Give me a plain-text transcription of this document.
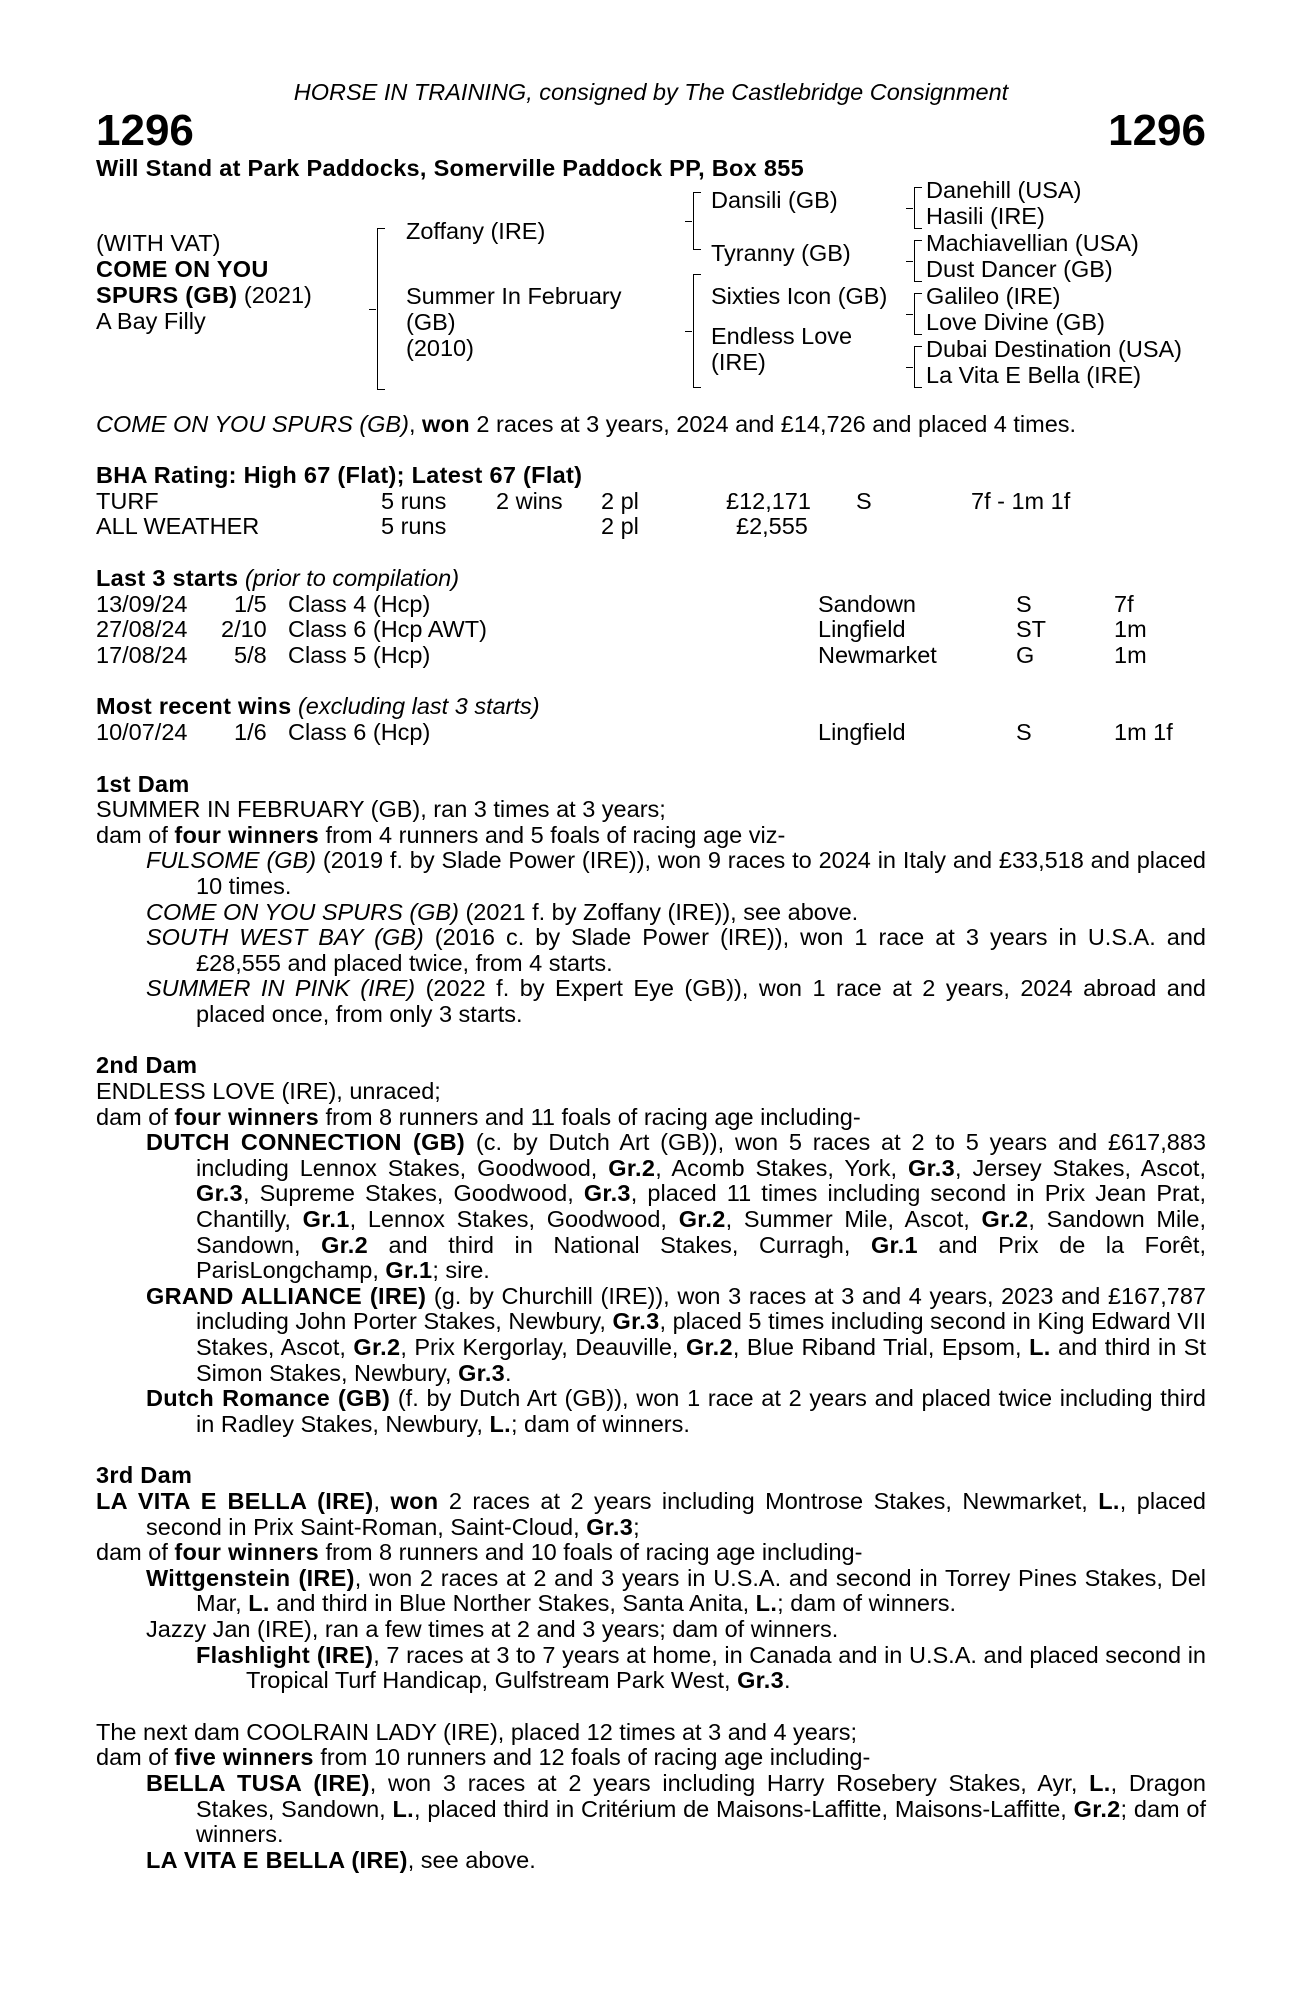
HORSE IN TRAINING, consigned by The Castlebridge Consignment
1296	1296
Will Stand at Park Paddocks, Somerville Paddock PP, Box 855
(WITH VAT)
COME ON YOU
SPURS (GB) (2021)
A Bay Filly
Zoffany (IRE)
Summer In February
(GB)
(2010)
Dansili (GB)
Tyranny (GB)
Sixties Icon (GB)
Endless Love
(IRE)
Danehill (USA)
Hasili (IRE)
Machiavellian (USA)
Dust Dancer (GB)
Galileo (IRE)
Love Divine (GB)
Dubai Destination (USA)
La Vita E Bella (IRE)
COME ON YOU SPURS (GB), won 2 races at 3 years, 2024 and £14,726 and placed 4 times.
BHA Rating: High 67 (Flat); Latest 67 (Flat)
TURF	5 runs 2 wins 2 pl	£12,171 S	7f - 1m 1f
ALL WEATHER	5 runs	2 pl	£2,555
Last 3 starts (prior to compilation)
13/09/24 1/5 Class 4 (Hcp)	Sandown	S	7f
27/08/24 2/10 Class 6 (Hcp AWT)	Lingfield	ST	1m
17/08/24 5/8 Class 5 (Hcp)	Newmarket	G	1m
Most recent wins (excluding last 3 starts)
10/07/24 1/6 Class 6 (Hcp)	Lingfield	S	1m 1f
1st Dam
SUMMER IN FEBRUARY (GB), ran 3 times at 3 years;
dam of four winners from 4 runners and 5 foals of racing age viz-
FULSOME (GB) (2019 f. by Slade Power (IRE)), won 9 races to 2024 in Italy and £33,518 and placed 10 times.
COME ON YOU SPURS (GB) (2021 f. by Zoffany (IRE)), see above.
SOUTH WEST BAY (GB) (2016 c. by Slade Power (IRE)), won 1 race at 3 years in U.S.A. and £28,555 and placed twice, from 4 starts.
SUMMER IN PINK (IRE) (2022 f. by Expert Eye (GB)), won 1 race at 2 years, 2024 abroad and placed once, from only 3 starts.
2nd Dam
ENDLESS LOVE (IRE), unraced;
dam of four winners from 8 runners and 11 foals of racing age including-
DUTCH CONNECTION (GB) (c. by Dutch Art (GB)), won 5 races at 2 to 5 years and £617,883 including Lennox Stakes, Goodwood, Gr.2, Acomb Stakes, York, Gr.3, Jersey Stakes, Ascot, Gr.3, Supreme Stakes, Goodwood, Gr.3, placed 11 times including second in Prix Jean Prat, Chantilly, Gr.1, Lennox Stakes, Goodwood, Gr.2, Summer Mile, Ascot, Gr.2, Sandown Mile, Sandown, Gr.2 and third in National Stakes, Curragh, Gr.1 and Prix de la Forêt, ParisLongchamp, Gr.1; sire.
GRAND ALLIANCE (IRE) (g. by Churchill (IRE)), won 3 races at 3 and 4 years, 2023 and £167,787 including John Porter Stakes, Newbury, Gr.3, placed 5 times including second in King Edward VII Stakes, Ascot, Gr.2, Prix Kergorlay, Deauville, Gr.2, Blue Riband Trial, Epsom, L. and third in St Simon Stakes, Newbury, Gr.3.
Dutch Romance (GB) (f. by Dutch Art (GB)), won 1 race at 2 years and placed twice including third in Radley Stakes, Newbury, L.; dam of winners.
3rd Dam
LA VITA E BELLA (IRE), won 2 races at 2 years including Montrose Stakes, Newmarket, L., placed second in Prix Saint-Roman, Saint-Cloud, Gr.3;
dam of four winners from 8 runners and 10 foals of racing age including-
Wittgenstein (IRE), won 2 races at 2 and 3 years in U.S.A. and second in Torrey Pines Stakes, Del Mar, L. and third in Blue Norther Stakes, Santa Anita, L.; dam of winners.
Jazzy Jan (IRE), ran a few times at 2 and 3 years; dam of winners.
Flashlight (IRE), 7 races at 3 to 7 years at home, in Canada and in U.S.A. and placed second in Tropical Turf Handicap, Gulfstream Park West, Gr.3.
The next dam COOLRAIN LADY (IRE), placed 12 times at 3 and 4 years;
dam of five winners from 10 runners and 12 foals of racing age including-
BELLA TUSA (IRE), won 3 races at 2 years including Harry Rosebery Stakes, Ayr, L., Dragon Stakes, Sandown, L., placed third in Critérium de Maisons-Laffitte, Maisons-Laffitte, Gr.2; dam of winners.
LA VITA E BELLA (IRE), see above.
